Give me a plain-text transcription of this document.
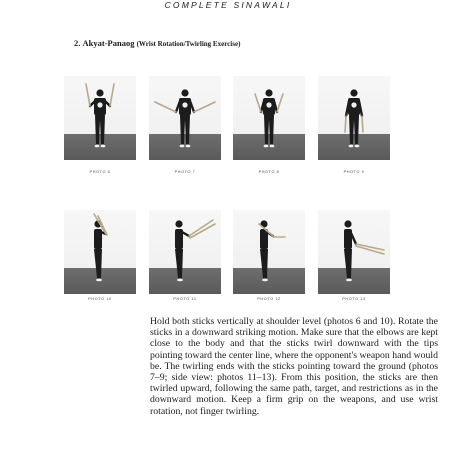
COMPLETE SINAWALI
2. Akyat-Panaog (Wrist Rotation/Twirling Exercise)
PHOTO 6	PHOTO 7	PHOTO 8	PHOTO 9
PHOTO 10	PHOTO 11	PHOTO 12	PHOTO 13

Hold both sticks vertically at shoulder level (photos 6 and 10). Rotate the sticks in a downward striking motion. Make sure that the elbows are kept close to the body and that the sticks twirl downward with the tips pointing toward the center line, where the opponent's weapon hand would be. The twirling ends with the sticks pointing toward the ground (photos 7–9; side view: photos 11–13). From this position, the sticks are then twirled upward, following the same path, target, and restrictions as in the downward motion. Keep a firm grip on the weapons, and use wrist rotation, not finger twirling.
